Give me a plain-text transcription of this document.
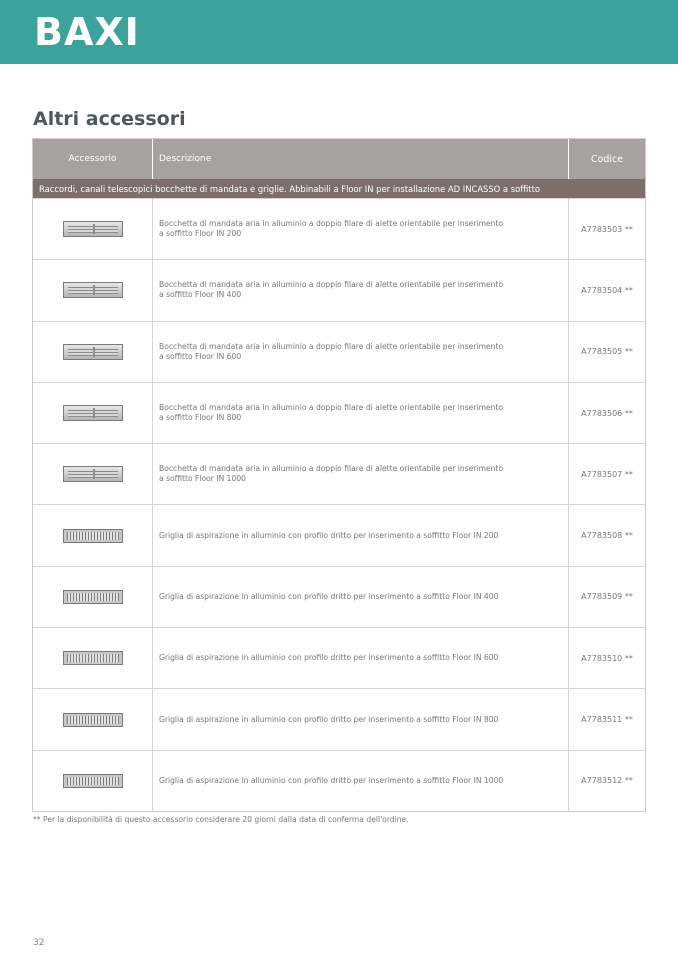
BAXI
Altri accessori
Accessorio	Descrizione	Codice
Raccordi, canali telescopici bocchette di mandata e griglie. Abbinabili a Floor IN per installazione AD INCASSO a soffitto
Bocchetta di mandata aria in alluminio a doppio filare di alette orientabile per inserimento a soffitto Floor IN 200	A7783503 **
Bocchetta di mandata aria in alluminio a doppio filare di alette orientabile per inserimento a soffitto Floor IN 400	A7783504 **
Bocchetta di mandata aria in alluminio a doppio filare di alette orientabile per inserimento a soffitto Floor IN 600	A7783505 **
Bocchetta di mandata aria in alluminio a doppio filare di alette orientabile per inserimento a soffitto Floor IN 800	A7783506 **
Bocchetta di mandata aria in alluminio a doppio filare di alette orientabile per inserimento a soffitto Floor IN 1000	A7783507 **
Griglia di aspirazione in alluminio con profilo dritto per inserimento a soffitto Floor IN 200	A7783508 **
Griglia di aspirazione in alluminio con profilo dritto per inserimento a soffitto Floor IN 400	A7783509 **
Griglia di aspirazione in alluminio con profilo dritto per inserimento a soffitto Floor IN 600	A7783510 **
Griglia di aspirazione in alluminio con profilo dritto per inserimento a soffitto Floor IN 800	A7783511 **
Griglia di aspirazione in alluminio con profilo dritto per inserimento a soffitto Floor IN 1000	A7783512 **
** Per la disponibilità di questo accessorio considerare 20 giorni dalla data di conferma dell'ordine.
32
